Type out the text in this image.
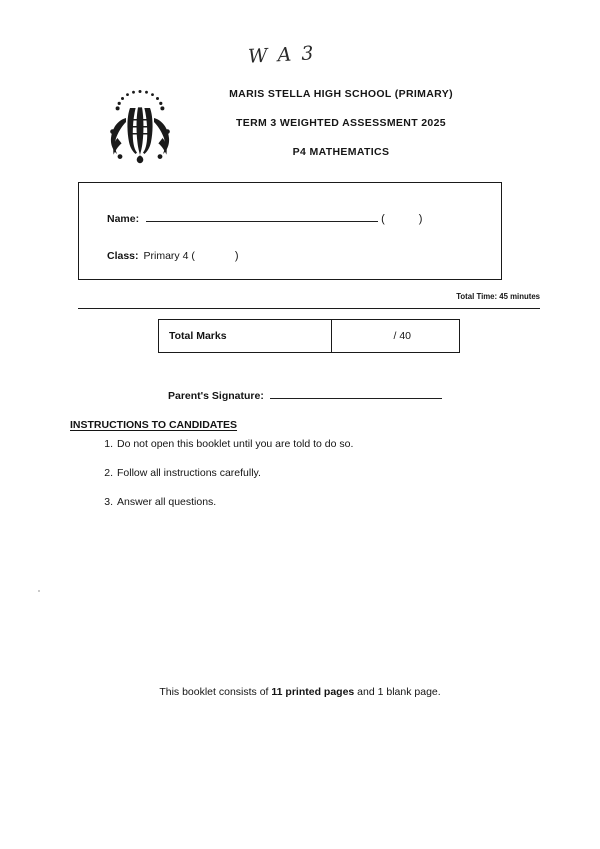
W A 3
MARIS STELLA HIGH SCHOOL (PRIMARY)
TERM 3 WEIGHTED ASSESSMENT 2025
P4 MATHEMATICS
Name:	(	)
Class: Primary 4 (	)
Total Time: 45 minutes
Total Marks	/ 40
Parent's Signature:
INSTRUCTIONS TO CANDIDATES
1. Do not open this booklet until you are told to do so.
2. Follow all instructions carefully.
3. Answer all questions.
This booklet consists of 11 printed pages and 1 blank page.
